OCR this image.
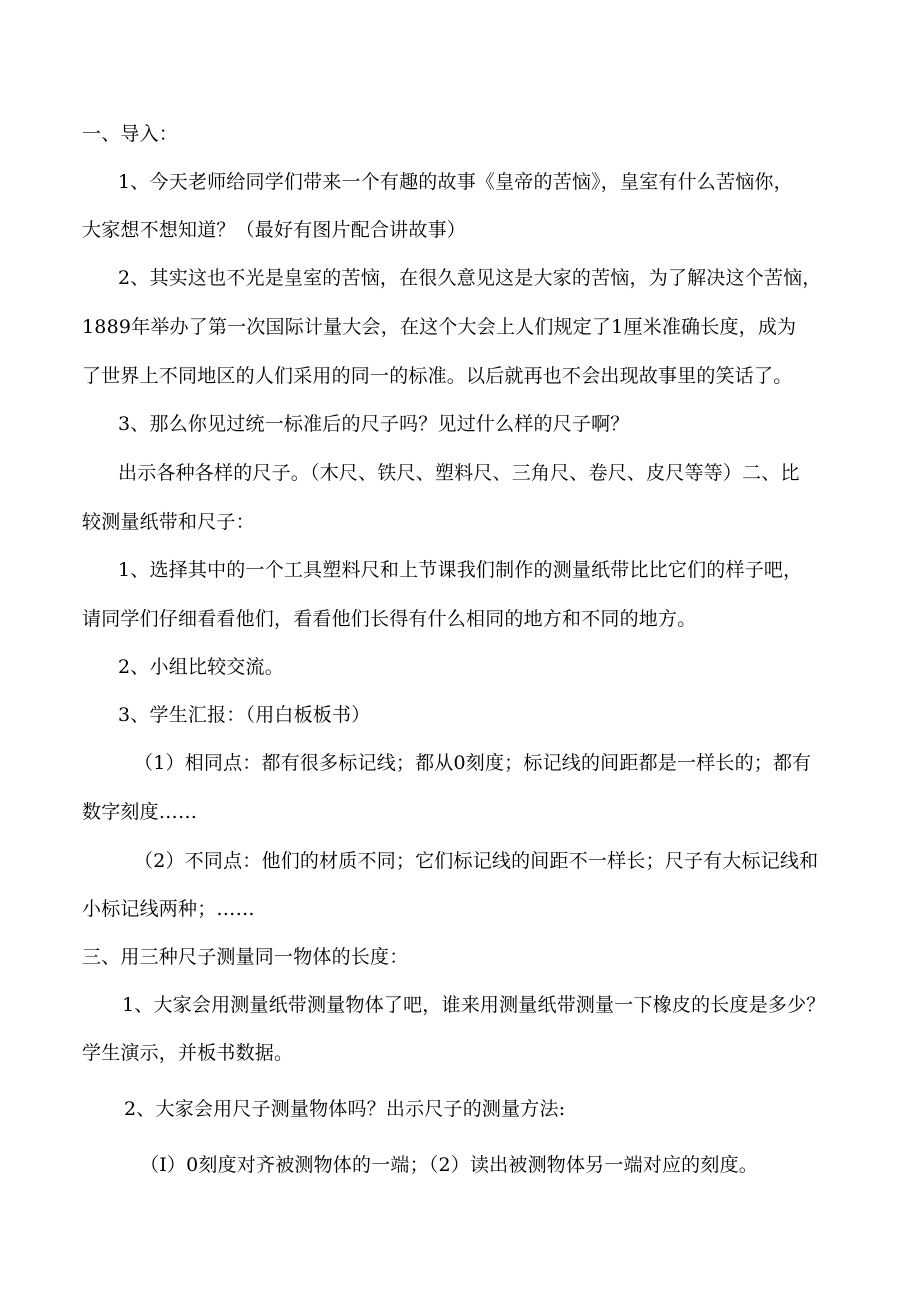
一、导入：
1、今天老师给同学们带来一个有趣的故事《皇帝的苦恼》，皇室有什么苦恼你，
大家想不想知道？（最好有图片配合讲故事）
2、其实这也不光是皇室的苦恼，在很久意见这是大家的苦恼，为了解决这个苦恼，
1889年举办了第一次国际计量大会，在这个大会上人们规定了1厘米准确长度，成为
了世界上不同地区的人们采用的同一的标准。以后就再也不会出现故事里的笑话了。
3、那么你见过统一标准后的尺子吗？见过什么样的尺子啊？
出示各种各样的尺子。（木尺、铁尺、塑料尺、三角尺、卷尺、皮尺等等）二、比
较测量纸带和尺子：
1、选择其中的一个工具塑料尺和上节课我们制作的测量纸带比比它们的样子吧，
请同学们仔细看看他们，看看他们长得有什么相同的地方和不同的地方。
2、小组比较交流。
3、学生汇报：（用白板板书）
（1）相同点：都有很多标记线；都从0刻度；标记线的间距都是一样长的；都有
数字刻度……
（2）不同点：他们的材质不同；它们标记线的间距不一样长；尺子有大标记线和
小标记线两种；……
三、用三种尺子测量同一物体的长度：
1、大家会用测量纸带测量物体了吧，谁来用测量纸带测量一下橡皮的长度是多少？
学生演示，并板书数据。
2、大家会用尺子测量物体吗？出示尺子的测量方法:
（I）0刻度对齐被测物体的一端；（2）读出被测物体另一端对应的刻度。
